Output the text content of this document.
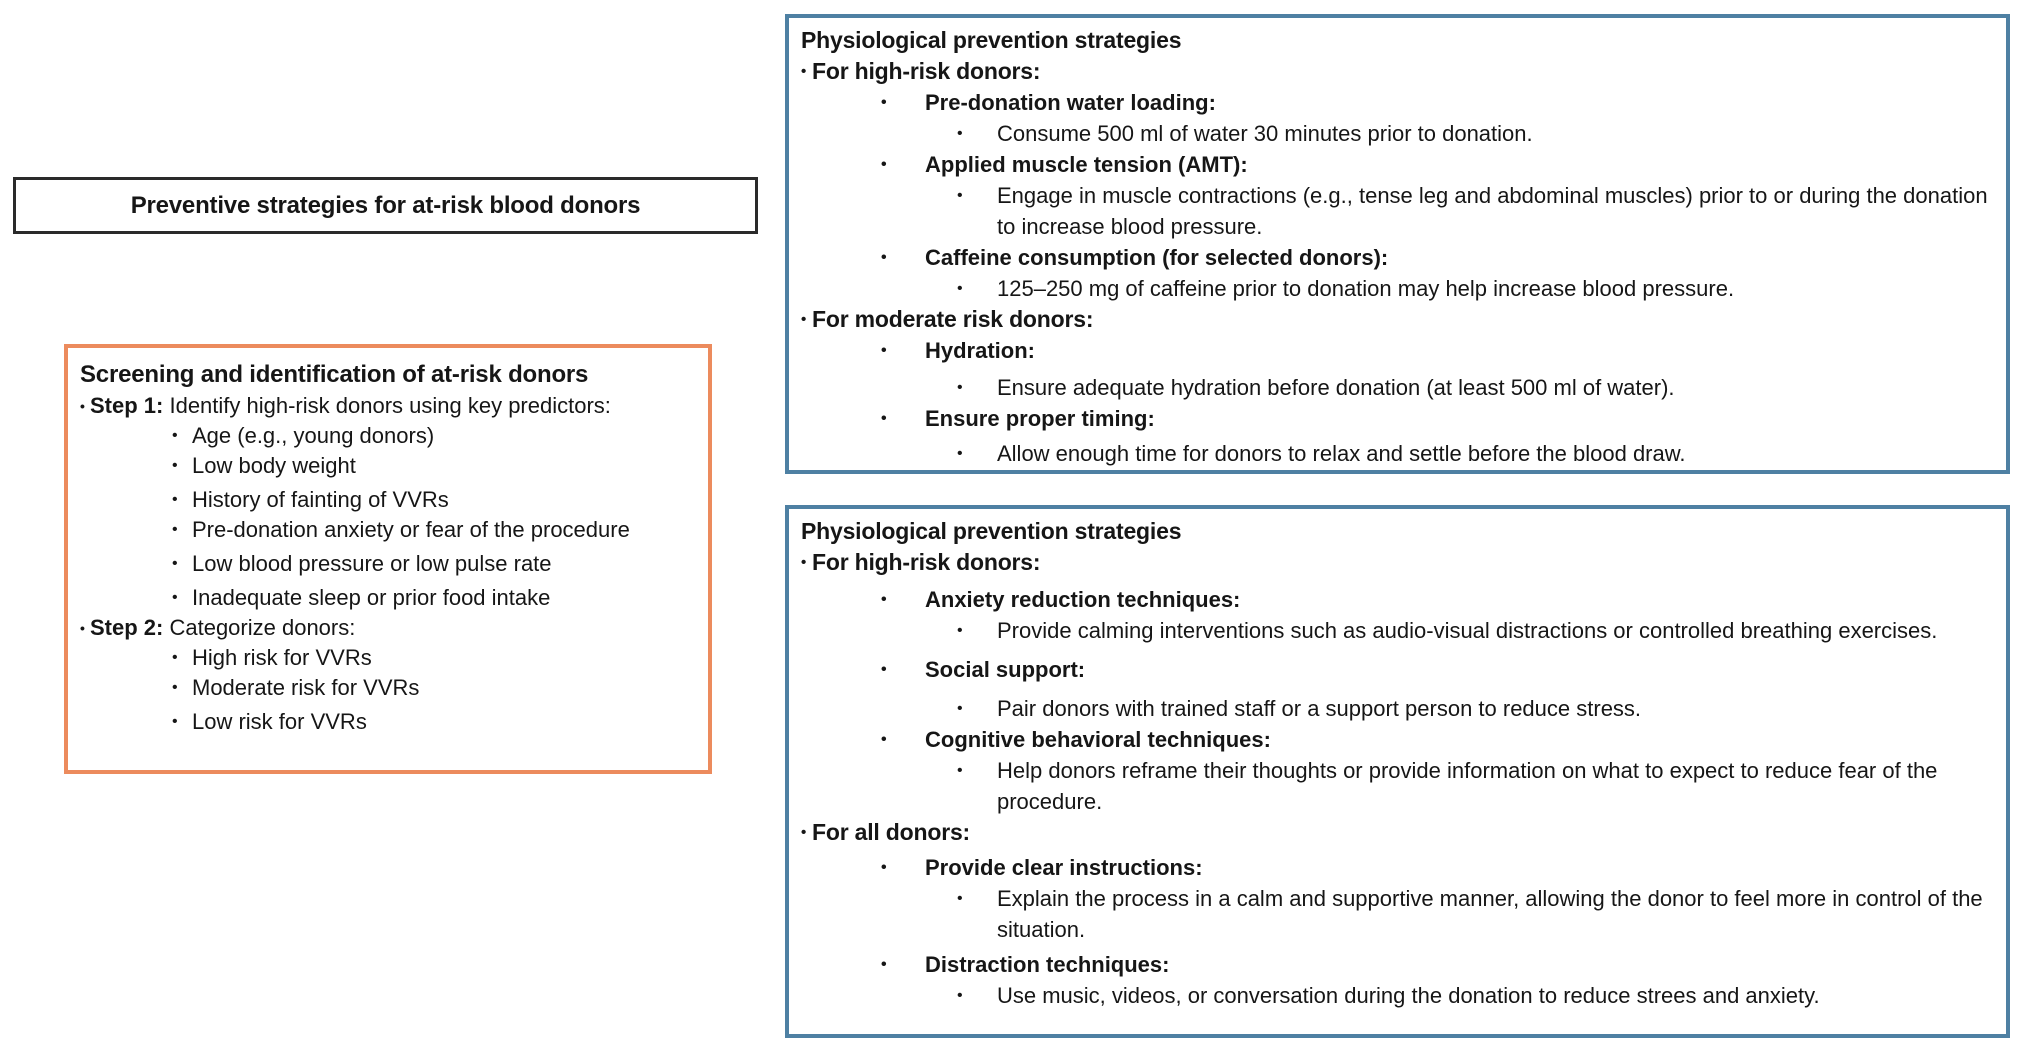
Preventive strategies for at-risk blood donors
Screening and identification of at-risk donors
• Step 1: Identify high-risk donors using key predictors:
• Age (e.g., young donors)
• Low body weight
• History of fainting of VVRs
• Pre-donation anxiety or fear of the procedure
• Low blood pressure or low pulse rate
• Inadequate sleep or prior food intake
• Step 2: Categorize donors:
• High risk for VVRs
• Moderate risk for VVRs
• Low risk for VVRs
Physiological prevention strategies
• For high-risk donors:
• Pre-donation water loading:
• Consume 500 ml of water 30 minutes prior to donation.
• Applied muscle tension (AMT):
• Engage in muscle contractions (e.g., tense leg and abdominal muscles) prior to or during the donation to increase blood pressure.
• Caffeine consumption (for selected donors):
• 125–250 mg of caffeine prior to donation may help increase blood pressure.
• For moderate risk donors:
• Hydration:
• Ensure adequate hydration before donation (at least 500 ml of water).
• Ensure proper timing:
• Allow enough time for donors to relax and settle before the blood draw.
Physiological prevention strategies
• For high-risk donors:
• Anxiety reduction techniques:
• Provide calming interventions such as audio-visual distractions or controlled breathing exercises.
• Social support:
• Pair donors with trained staff or a support person to reduce stress.
• Cognitive behavioral techniques:
• Help donors reframe their thoughts or provide information on what to expect to reduce fear of the procedure.
• For all donors:
• Provide clear instructions:
• Explain the process in a calm and supportive manner, allowing the donor to feel more in control of the situation.
• Distraction techniques:
• Use music, videos, or conversation during the donation to reduce strees and anxiety.
